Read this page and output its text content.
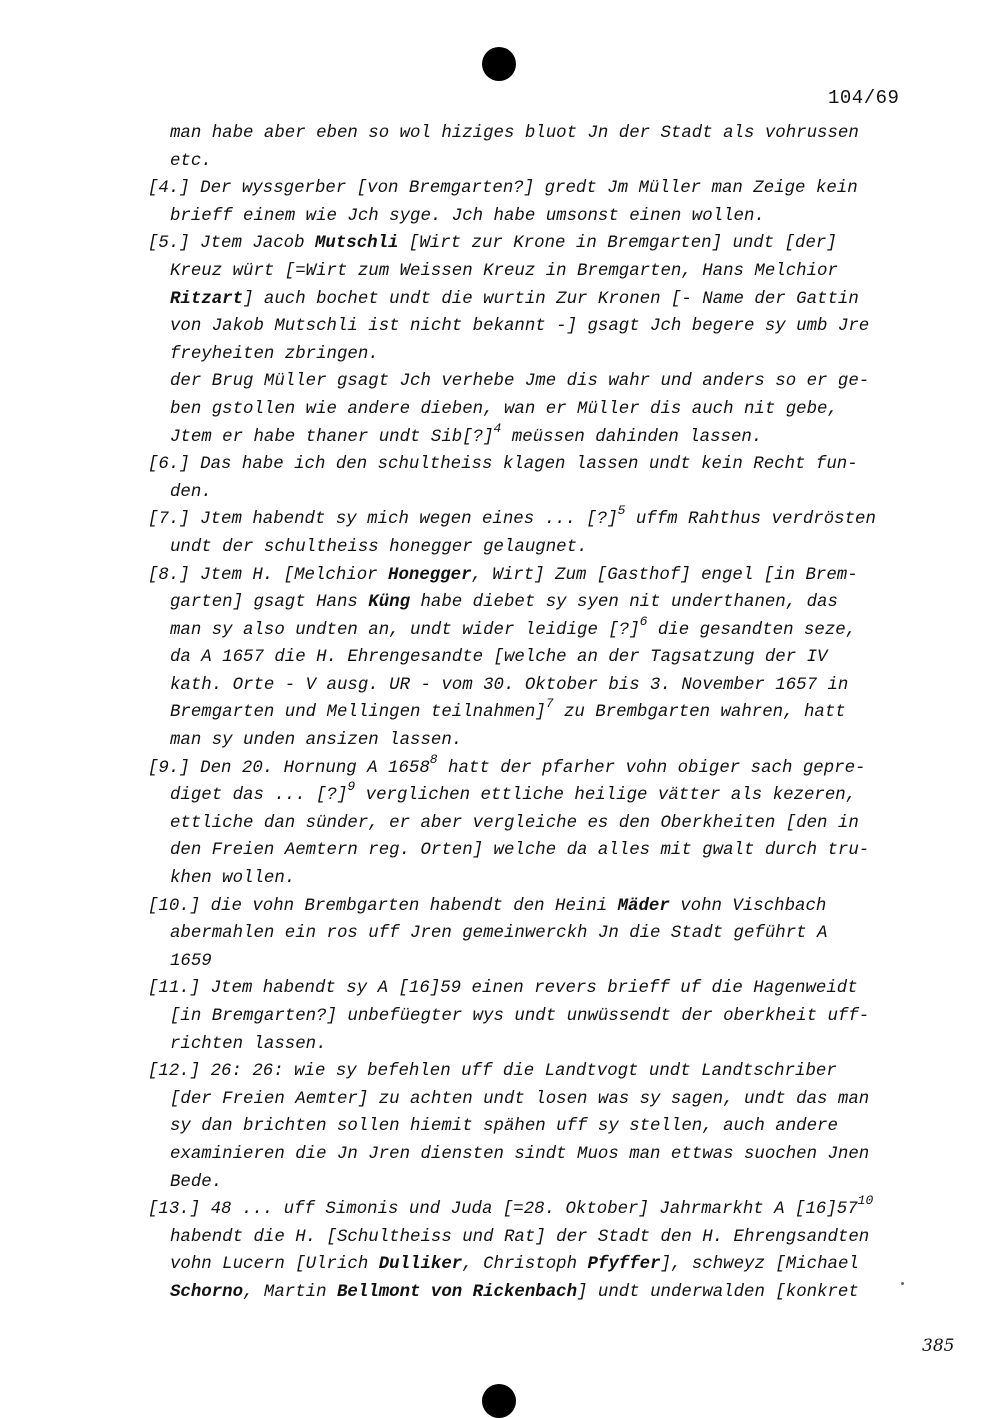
104/69
man habe aber eben so wol hiziges bluot Jn der Stadt als vohrussen
etc.
[4.] Der wyssgerber [von Bremgarten?] gredt Jm Müller man Zeige kein
brieff einem wie Jch syge. Jch habe umsonst einen wollen.
[5.] Jtem Jacob Mutschli [Wirt zur Krone in Bremgarten] undt [der]
Kreuz würt [=Wirt zum Weissen Kreuz in Bremgarten, Hans Melchior
Ritzart] auch bochet undt die wurtin Zur Kronen [- Name der Gattin
von Jakob Mutschli ist nicht bekannt -] gsagt Jch begere sy umb Jre
freyheiten zbringen.
der Brug Müller gsagt Jch verhebe Jme dis wahr und anders so er ge-
ben gstollen wie andere dieben, wan er Müller dis auch nit gebe,
Jtem er habe thaner undt Sib[?]$^4$ meüssen dahinden lassen.
[6.] Das habe ich den schultheiss klagen lassen undt kein Recht fun-
den.
[7.] Jtem habendt sy mich wegen eines ... [?]$^5$ uffm Rahthus verdrösten
undt der schultheiss honegger gelaugnet.
[8.] Jtem H. [Melchior Honegger, Wirt] Zum [Gasthof] engel [in Brem-
garten] gsagt Hans Küng habe diebet sy syen nit underthanen, das
man sy also undten an, undt wider leidige [?]$^6$ die gesandten seze,
da A 1657 die H. Ehrengesandte [welche an der Tagsatzung der IV
kath. Orte - V ausg. UR - vom 30. Oktober bis 3. November 1657 in
Bremgarten und Mellingen teilnahmen]$^7$ zu Brembgarten wahren, hatt
man sy unden ansizen lassen.
[9.] Den 20. Hornung A 1658$^8$ hatt der pfarher vohn obiger sach gepre-
diget das ... [?]$^9$ verglichen ettliche heilige vätter als kezeren,
ettliche dan sünder, er aber vergleiche es den Oberkheiten [den in
den Freien Aemtern reg. Orten] welche da alles mit gwalt durch tru-
khen wollen.
[10.] die vohn Brembgarten habendt den Heini Mäder vohn Vischbach
abermahlen ein ros uff Jren gemeinwerckh Jn die Stadt geführt A
1659
[11.] Jtem habendt sy A [16]59 einen revers brieff uf die Hagenweidt
[in Bremgarten?] unbefüegter wys undt unwüssendt der oberkheit uff-
richten lassen.
[12.] 26: 26: wie sy befehlen uff die Landtvogt undt Landtschriber
[der Freien Aemter] zu achten undt losen was sy sagen, undt das man
sy dan brichten sollen hiemit spähen uff sy stellen, auch andere
examinieren die Jn Jren diensten sindt Muos man ettwas suochen Jnen
Bede.
[13.] 48 ... uff Simonis und Juda [=28. Oktober] Jahrmarkht A $[16]57^{10}$
habendt die H. [Schultheiss und Rat] der Stadt den H. Ehrengsandten
vohn Lucern [Ulrich Dulliker, Christoph Pfyffer], schweyz [Michael
Schorno, Martin Bellmont von Rickenbach] undt underwalden [konkret
385
